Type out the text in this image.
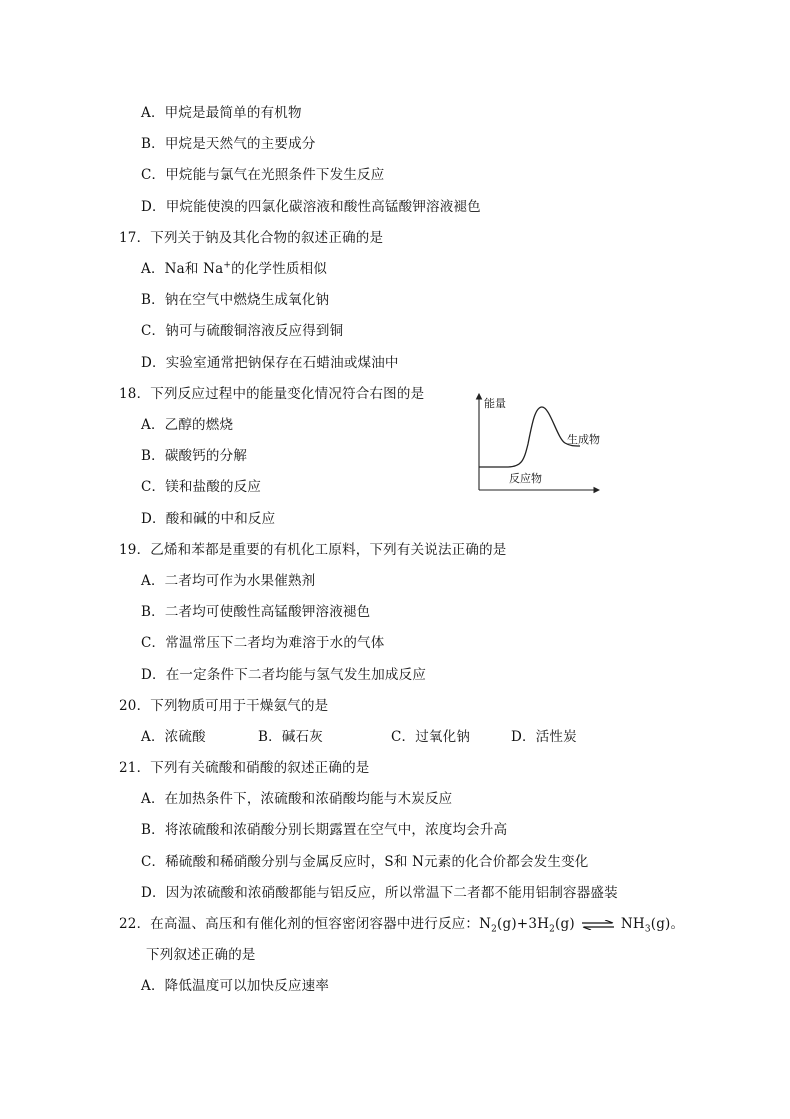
A．甲烷是最简单的有机物
B．甲烷是天然气的主要成分
C．甲烷能与氯气在光照条件下发生反应
D．甲烷能使溴的四氯化碳溶液和酸性高锰酸钾溶液褪色
17．下列关于钠及其化合物的叙述正确的是
A．Na和 Na+的化学性质相似
B．钠在空气中燃烧生成氧化钠
C．钠可与硫酸铜溶液反应得到铜
D．实验室通常把钠保存在石蜡油或煤油中
18．下列反应过程中的能量变化情况符合右图的是
A．乙醇的燃烧
B．碳酸钙的分解
C．镁和盐酸的反应
D．酸和碱的中和反应
能量
反应物
生成物
19．乙烯和苯都是重要的有机化工原料，下列有关说法正确的是
A．二者均可作为水果催熟剂
B．二者均可使酸性高锰酸钾溶液褪色
C．常温常压下二者均为难溶于水的气体
D．在一定条件下二者均能与氢气发生加成反应
20．下列物质可用于干燥氨气的是
A．浓硫酸	B．碱石灰	C．过氧化钠	D．活性炭
21．下列有关硫酸和硝酸的叙述正确的是
A．在加热条件下，浓硫酸和浓硝酸均能与木炭反应
B．将浓硫酸和浓硝酸分别长期露置在空气中，浓度均会升高
C．稀硫酸和稀硝酸分别与金属反应时，S和 N元素的化合价都会发生变化
D．因为浓硫酸和浓硝酸都能与铝反应，所以常温下二者都不能用铝制容器盛装
22．在高温、高压和有催化剂的恒容密闭容器中进行反应：$N_2(g)+3H_2(g)$ ⇌ $NH_3(g)$。
下列叙述正确的是
A．降低温度可以加快反应速率
